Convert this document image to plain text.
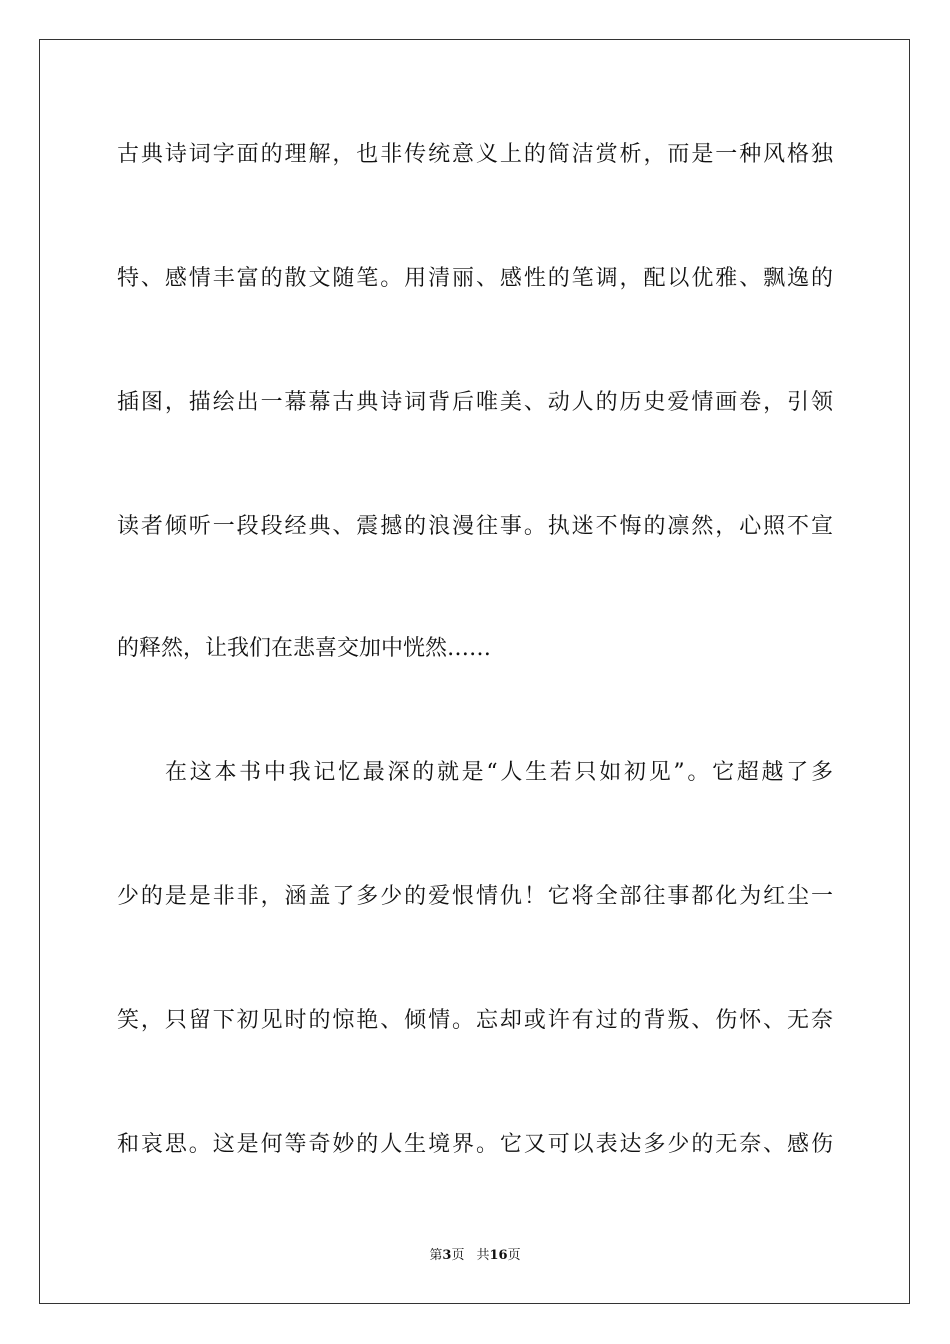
古典诗词字面的理解，也非传统意义上的简洁赏析，而是一种风格独
特、感情丰富的散文随笔。用清丽、感性的笔调，配以优雅、飘逸的
插图，描绘出一幕幕古典诗词背后唯美、动人的历史爱情画卷，引领
读者倾听一段段经典、震撼的浪漫往事。执迷不悔的凛然，心照不宣
的释然，让我们在悲喜交加中恍然……
在这本书中我记忆最深的就是“人生若只如初见”。它超越了多
少的是是非非，涵盖了多少的爱恨情仇！它将全部往事都化为红尘一
笑，只留下初见时的惊艳、倾情。忘却或许有过的背叛、伤怀、无奈
和哀思。这是何等奇妙的人生境界。它又可以表达多少的无奈、感伤
第3页 共16页
